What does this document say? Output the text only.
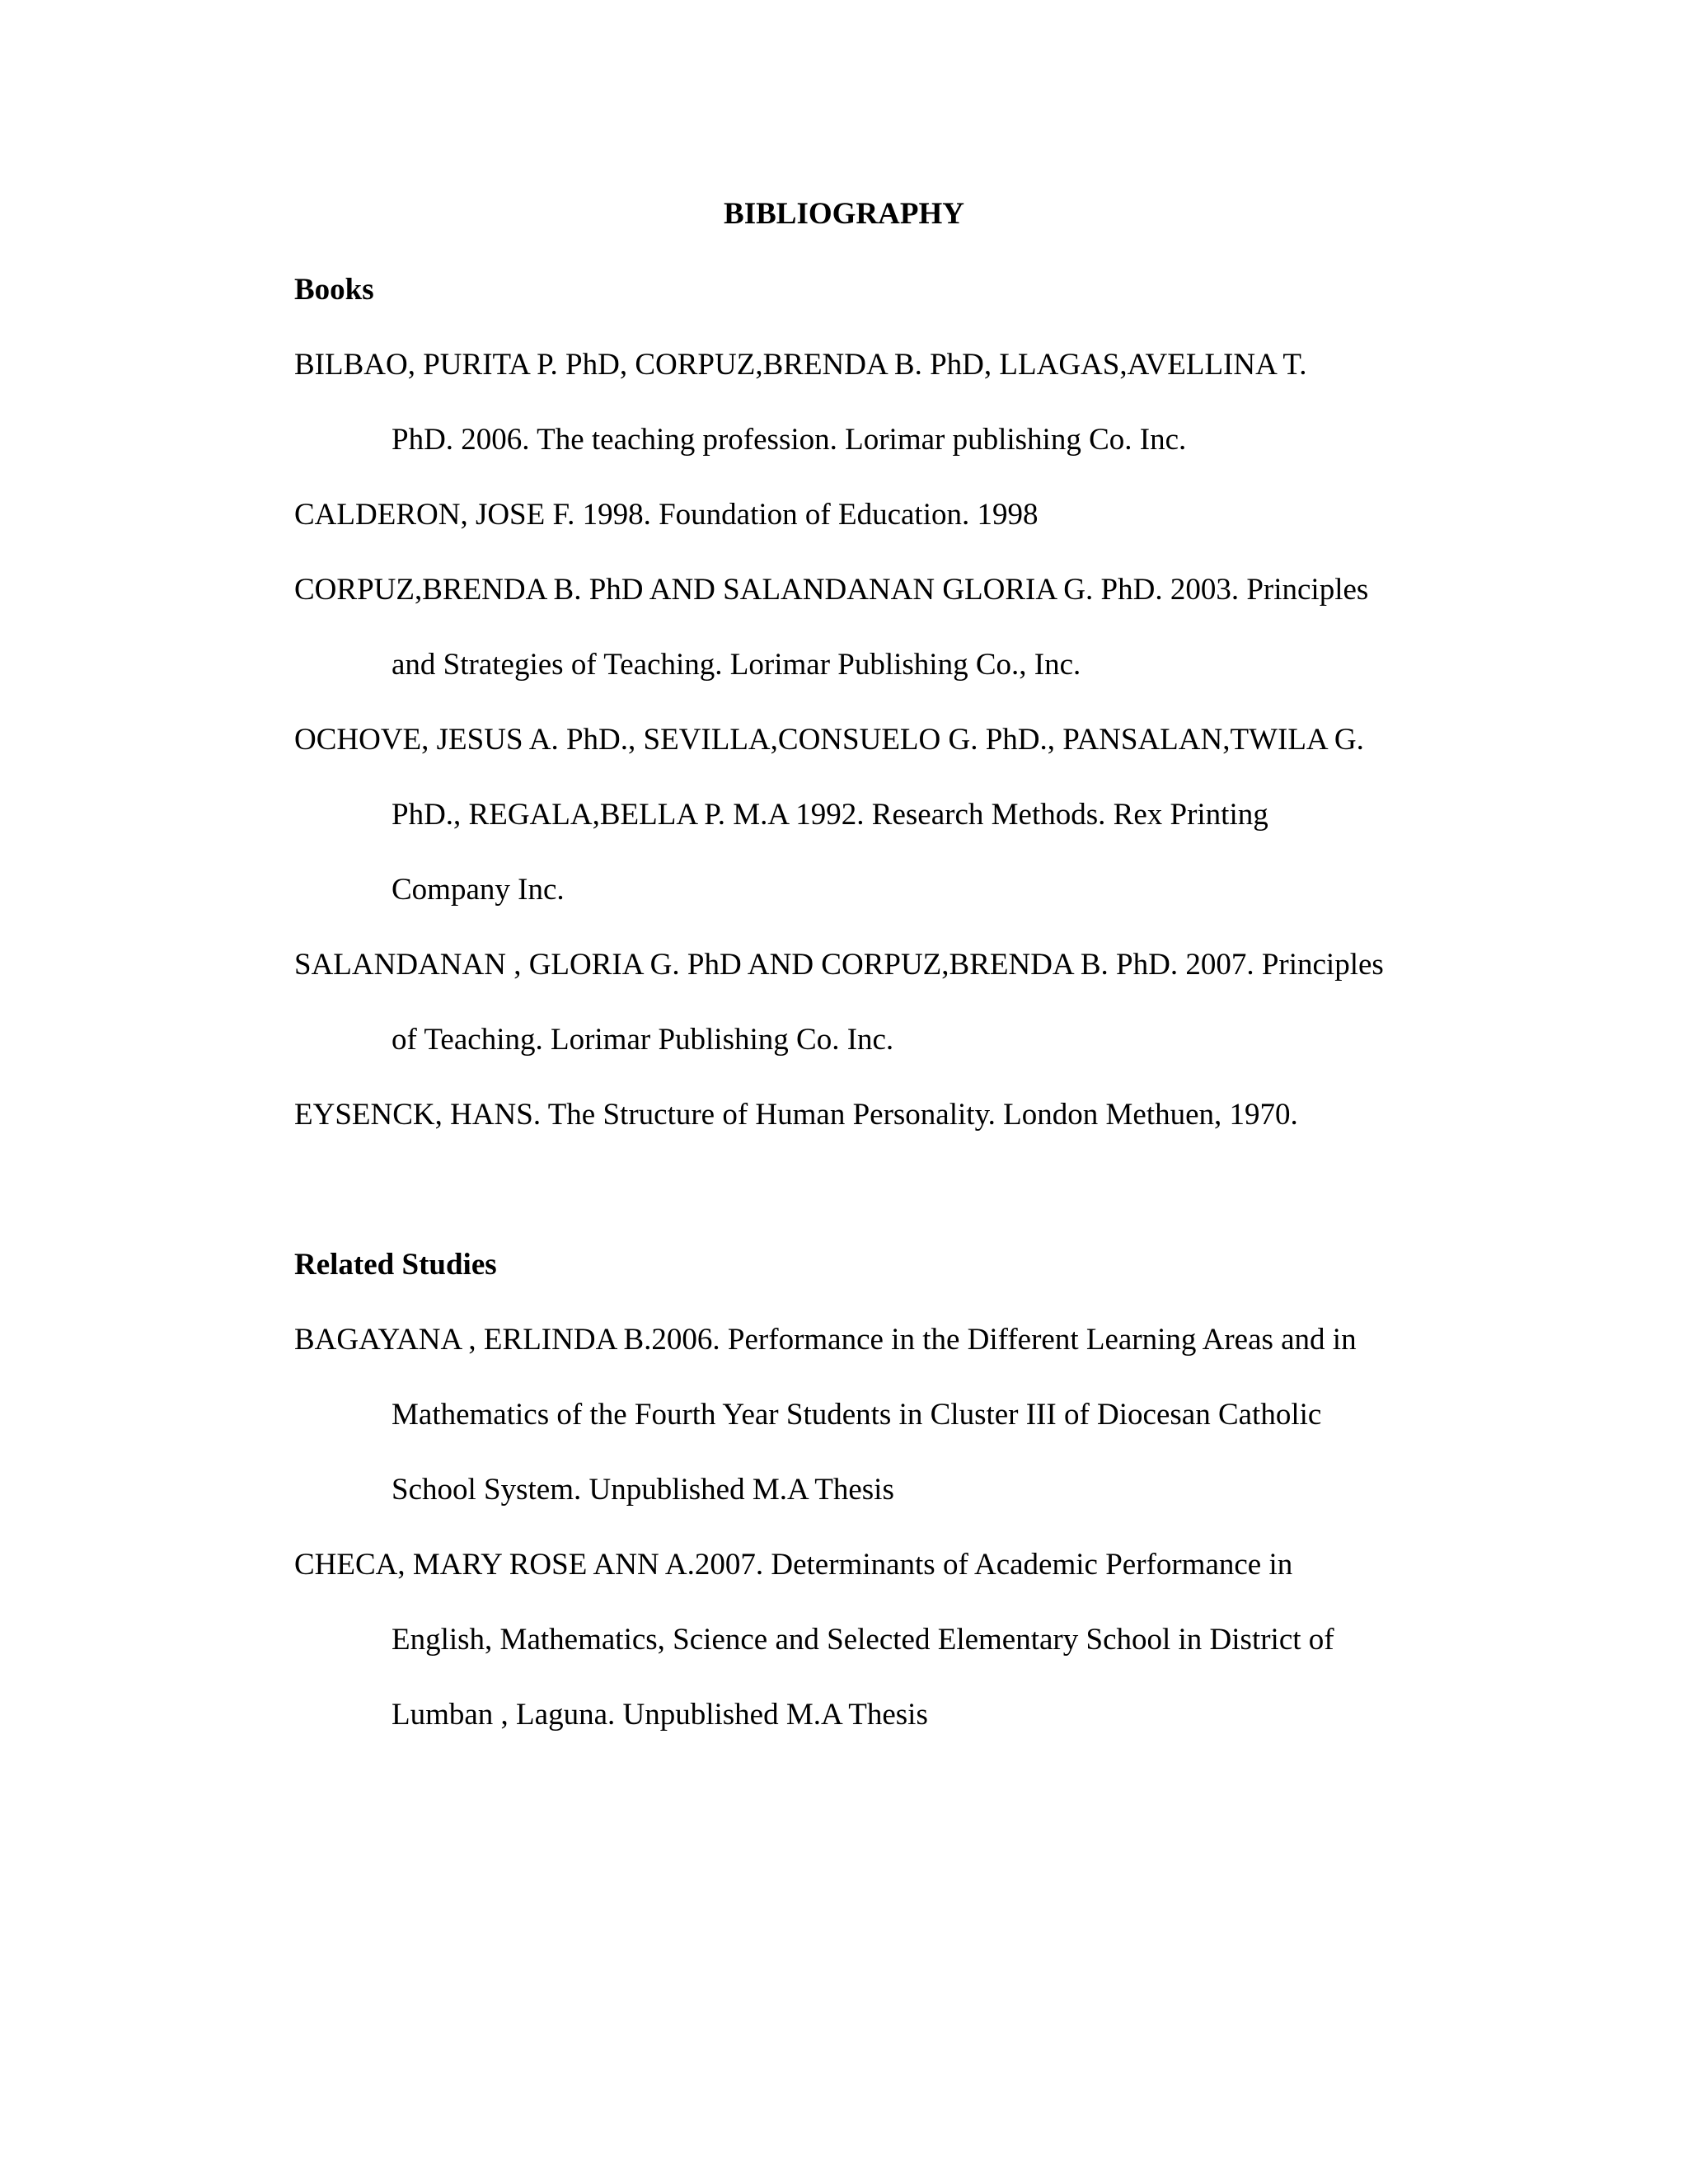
BIBLIOGRAPHY
Books
BILBAO, PURITA P. PhD, CORPUZ,BRENDA B. PhD, LLAGAS,AVELLINA T.
PhD. 2006. The teaching profession. Lorimar publishing Co. Inc.
CALDERON, JOSE F. 1998. Foundation of Education. 1998
CORPUZ,BRENDA B. PhD AND SALANDANAN GLORIA G. PhD. 2003. Principles
and Strategies of Teaching. Lorimar Publishing Co., Inc.
OCHOVE, JESUS A. PhD., SEVILLA,CONSUELO G. PhD., PANSALAN,TWILA G.
PhD., REGALA,BELLA P. M.A 1992. Research Methods. Rex Printing
Company Inc.
SALANDANAN , GLORIA G. PhD AND CORPUZ,BRENDA B. PhD. 2007. Principles
of Teaching. Lorimar Publishing Co. Inc.
EYSENCK, HANS. The Structure of Human Personality. London Methuen, 1970.
Related Studies
BAGAYANA , ERLINDA B.2006. Performance in the Different Learning Areas and in
Mathematics of the Fourth Year Students in Cluster III of Diocesan Catholic
School System. Unpublished M.A Thesis
CHECA, MARY ROSE ANN A.2007. Determinants of Academic Performance in
English, Mathematics, Science and Selected Elementary School in District of
Lumban , Laguna. Unpublished M.A Thesis
